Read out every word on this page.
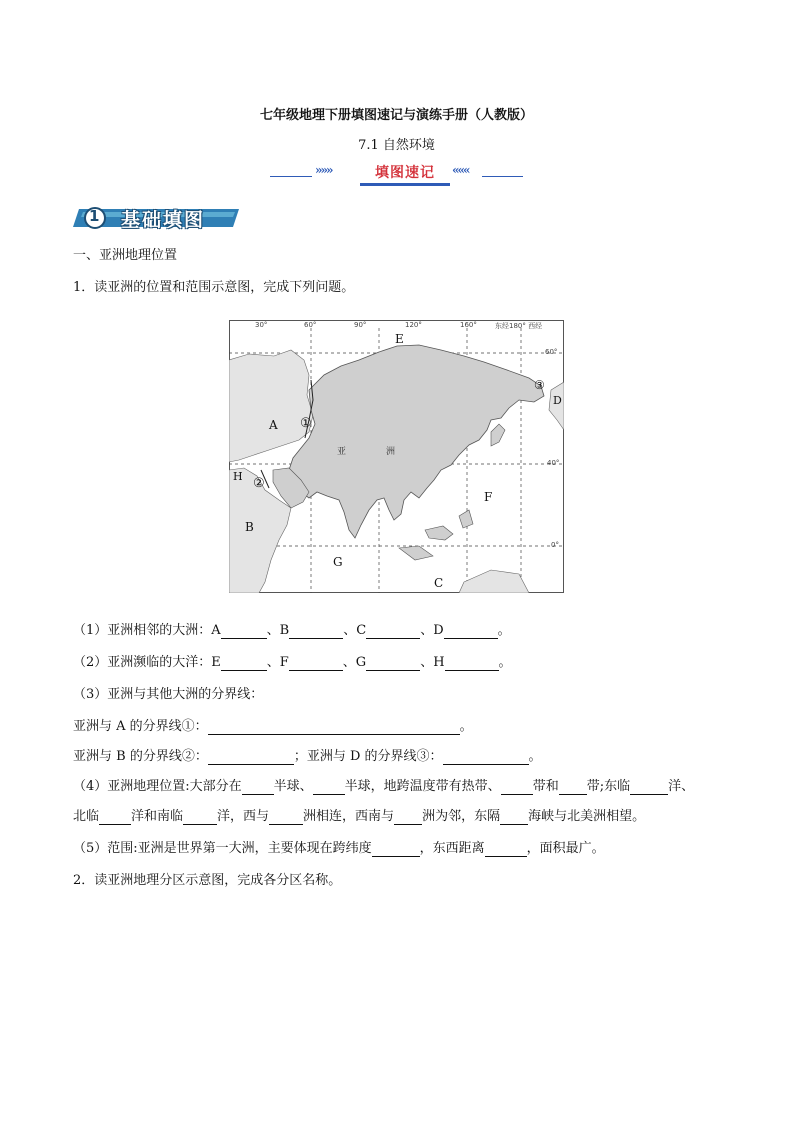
七年级地理下册填图速记与演练手册（人教版）
7.1 自然环境
»»»	填图速记	«««
1 基础填图
一、亚洲地理位置
1．读亚洲的位置和范围示意图，完成下列问题。
30°	60°	90°	120°	160°	东经180° 西经
60°
40°
0°
E
A ①
H ②
B
G
C
F
③
D
亚	洲
（1）亚洲相邻的大洲：A	、B	、C	、D	。
（2）亚洲濒临的大洋：E	、F	、G	、H	。
（3）亚洲与其他大洲的分界线：
亚洲与 A 的分界线①：	。
亚洲与 B 的分界线②：	；亚洲与 D 的分界线③：	。
（4）亚洲地理位置:大部分在 半球、 半球，地跨温度带有热带、 带和 带;东临	洋、
北临 洋和南临	洋，西与	洲相连，西南与 洲为邻，东隔 海峡与北美洲相望。
（5）范围:亚洲是世界第一大洲，主要体现在跨纬度	，东西距离	，面积最广。
2．读亚洲地理分区示意图，完成各分区名称。
